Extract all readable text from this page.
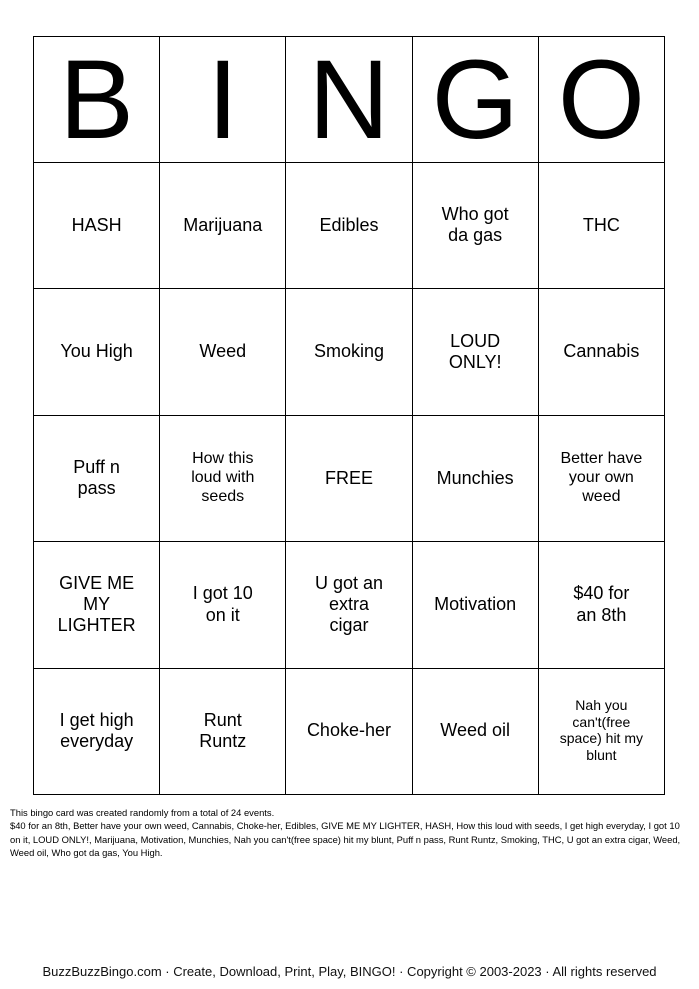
B	I	N	G	O
HASH	Marijuana	Edibles	Who got da gas	THC
You High	Weed	Smoking	LOUD ONLY!	Cannabis
Puff n pass	How this loud with seeds	FREE	Munchies	Better have your own weed
GIVE ME MY LIGHTER	I got 10 on it	U got an extra cigar	Motivation	$40 for an 8th
I get high everyday	Runt Runtz	Choke-her	Weed oil	Nah you can't(free space) hit my blunt
This bingo card was created randomly from a total of 24 events.
$40 for an 8th, Better have your own weed, Cannabis, Choke-her, Edibles, GIVE ME MY LIGHTER, HASH, How this loud with seeds, I get high everyday, I got 10 on it, LOUD ONLY!, Marijuana, Motivation, Munchies, Nah you can't(free space) hit my blunt, Puff n pass, Runt Runtz, Smoking, THC, U got an extra cigar, Weed, Weed oil, Who got da gas, You High.
BuzzBuzzBingo.com · Create, Download, Print, Play, BINGO! · Copyright © 2003-2023 · All rights reserved
